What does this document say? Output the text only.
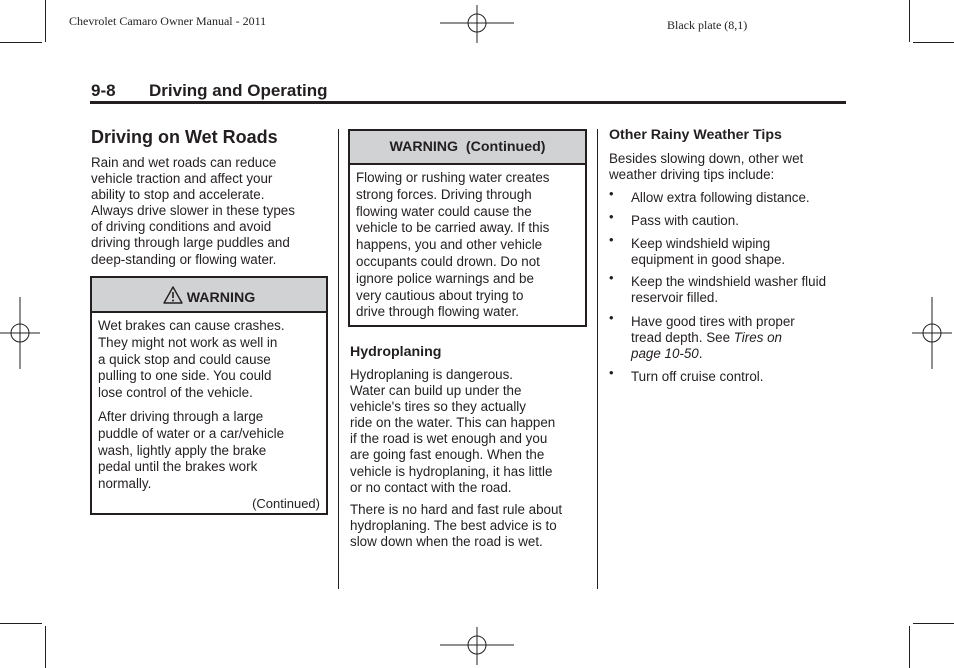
Chevrolet Camaro Owner Manual - 2011	Black plate (8,1)
9-8 Driving and Operating
Driving on Wet Roads

Rain and wet roads can reduce

vehicle traction and affect your

ability to stop and accelerate.

Always drive slower in these types

of driving conditions and avoid

driving through large puddles and

deep-standing or flowing water.

WARNING

Wet brakes can cause crashes.

They might not work as well in

a quick stop and could cause

pulling to one side. You could

lose control of the vehicle.

After driving through a large

puddle of water or a car/vehicle

wash, lightly apply the brake

pedal until the brakes work

normally.

(Continued)
WARNING  (Continued)

Flowing or rushing water creates

strong forces. Driving through

flowing water could cause the

vehicle to be carried away. If this

happens, you and other vehicle

occupants could drown. Do not

ignore police warnings and be

very cautious about trying to

drive through flowing water.

Hydroplaning

Hydroplaning is dangerous.

Water can build up under the

vehicle's tires so they actually

ride on the water. This can happen

if the road is wet enough and you

are going fast enough. When the

vehicle is hydroplaning, it has little

or no contact with the road.

There is no hard and fast rule about

hydroplaning. The best advice is to

slow down when the road is wet.

Other Rainy Weather Tips

Besides slowing down, other wet

weather driving tips include:

• Allow extra following distance.
• Pass with caution.
• Keep windshield wiping
equipment in good shape.
• Keep the windshield washer fluid
reservoir filled.
• Have good tires with proper
tread depth. See Tires on
page 10-50.
• Turn off cruise control.
